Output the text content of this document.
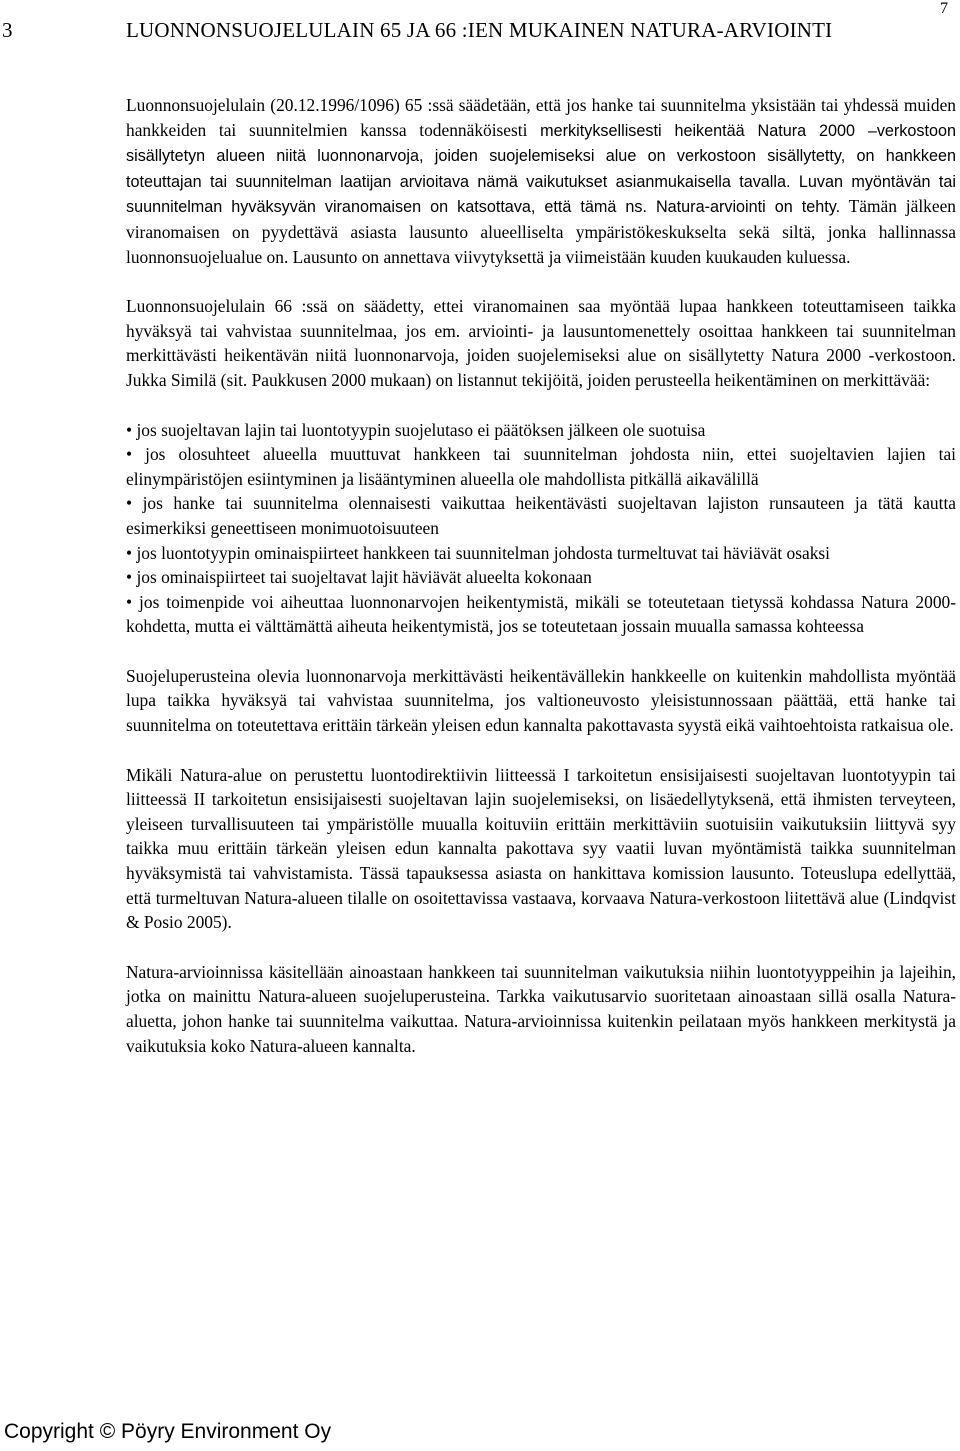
7
3	LUONNONSUOJELULAIN 65 JA 66 :IEN MUKAINEN NATURA-ARVIOINTI

Luonnonsuojelulain (20.12.1996/1096) 65 :ssä säädetään, että jos hanke tai suunnitelma yksistään tai yhdessä muiden hankkeiden tai suunnitelmien kanssa todennäköisesti merkityksellisesti heikentää Natura 2000 –verkostoon sisällytetyn alueen niitä luonnonarvoja, joiden suojelemiseksi alue on verkostoon sisällytetty, on hankkeen toteuttajan tai suunnitelman laatijan arvioitava nämä vaikutukset asianmukaisella tavalla. Luvan myöntävän tai suunnitelman hyväksyvän viranomaisen on katsottava, että tämä ns. Natura-arviointi on tehty. Tämän jälkeen viranomaisen on pyydettävä asiasta lausunto alueelliselta ympäristökeskukselta sekä siltä, jonka hallinnassa luonnonsuojelualue on. Lausunto on annettava viivytyksettä ja viimeistään kuuden kuukauden kuluessa.

Luonnonsuojelulain 66 :ssä on säädetty, ettei viranomainen saa myöntää lupaa hankkeen toteuttamiseen taikka hyväksyä tai vahvistaa suunnitelmaa, jos em. arviointi- ja lausuntomenettely osoittaa hankkeen tai suunnitelman merkittävästi heikentävän niitä luonnonarvoja, joiden suojelemiseksi alue on sisällytetty Natura 2000 -verkostoon. Jukka Similä (sit. Paukkusen 2000 mukaan) on listannut tekijöitä, joiden perusteella heikentäminen on merkittävää:

• jos suojeltavan lajin tai luontotyypin suojelutaso ei päätöksen jälkeen ole suotuisa
• jos olosuhteet alueella muuttuvat hankkeen tai suunnitelman johdosta niin, ettei suojeltavien lajien tai elinympäristöjen esiintyminen ja lisääntyminen alueella ole mahdollista pitkällä aikavälillä
• jos hanke tai suunnitelma olennaisesti vaikuttaa heikentävästi suojeltavan lajiston runsauteen ja tätä kautta esimerkiksi geneettiseen monimuotoisuuteen
• jos luontotyypin ominaispiirteet hankkeen tai suunnitelman johdosta turmeltuvat tai häviävät osaksi
• jos ominaispiirteet tai suojeltavat lajit häviävät alueelta kokonaan
• jos toimenpide voi aiheuttaa luonnonarvojen heikentymistä, mikäli se toteutetaan tietyssä kohdassa Natura 2000-kohdetta, mutta ei välttämättä aiheuta heikentymistä, jos se toteutetaan jossain muualla samassa kohteessa

Suojeluperusteina olevia luonnonarvoja merkittävästi heikentävällekin hankkeelle on kuitenkin mahdollista myöntää lupa taikka hyväksyä tai vahvistaa suunnitelma, jos valtioneuvosto yleisistunnossaan päättää, että hanke tai suunnitelma on toteutettava erittäin tärkeän yleisen edun kannalta pakottavasta syystä eikä vaihtoehtoista ratkaisua ole.

Mikäli Natura-alue on perustettu luontodirektiivin liitteessä I tarkoitetun ensisijaisesti suojeltavan luontotyypin tai liitteessä II tarkoitetun ensisijaisesti suojeltavan lajin suojelemiseksi, on lisäedellytyksenä, että ihmisten terveyteen, yleiseen turvallisuuteen tai ympäristölle muualla koituviin erittäin merkittäviin suotuisiin vaikutuksiin liittyvä syy taikka muu erittäin tärkeän yleisen edun kannalta pakottava syy vaatii luvan myöntämistä taikka suunnitelman hyväksymistä tai vahvistamista. Tässä tapauksessa asiasta on hankittava komission lausunto. Toteuslupa edellyttää, että turmeltuvan Natura-alueen tilalle on osoitettavissa vastaava, korvaava Natura-verkostoon liitettävä alue (Lindqvist & Posio 2005).

Natura-arvioinnissa käsitellään ainoastaan hankkeen tai suunnitelman vaikutuksia niihin luontotyyppeihin ja lajeihin, jotka on mainittu Natura-alueen suojeluperusteina. Tarkka vaikutusarvio suoritetaan ainoastaan sillä osalla Natura-aluetta, johon hanke tai suunnitelma vaikuttaa. Natura-arvioinnissa kuitenkin peilataan myös hankkeen merkitystä ja vaikutuksia koko Natura-alueen kannalta.

Copyright © Pöyry Environment Oy
